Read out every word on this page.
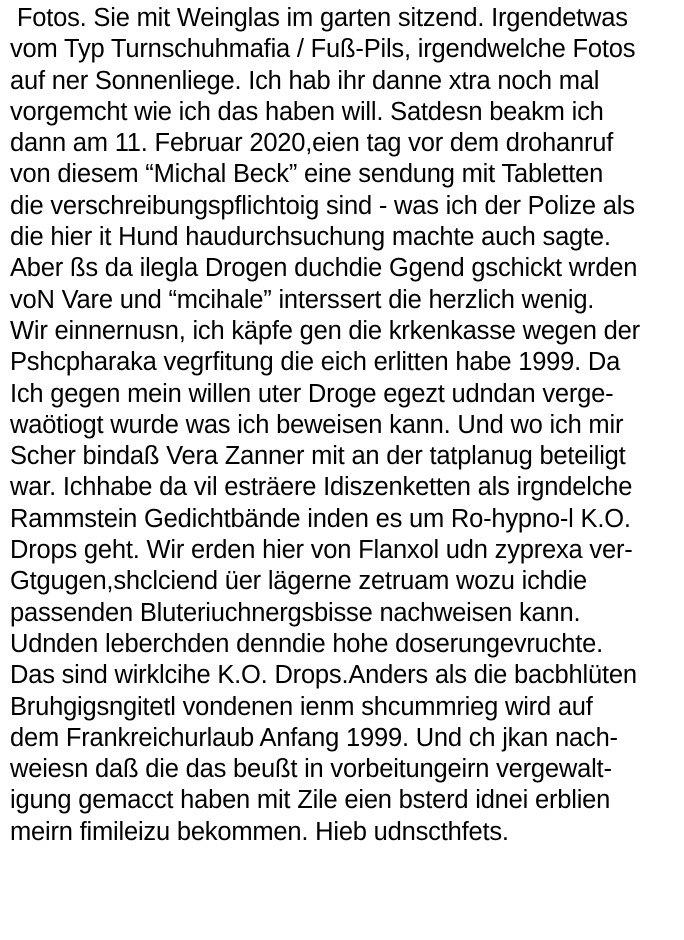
Fotos. Sie mit Weinglas im garten sitzend. Irgendetwas
vom Typ Turnschuhmafia / Fuß-Pils, irgendwelche Fotos
auf ner Sonnenliege. Ich hab ihr danne xtra noch mal
vorgemcht wie ich das haben will. Satdesn beakm ich
dann am 11. Februar 2020,eien tag vor dem drohanruf
von diesem “Michal Beck” eine sendung mit Tabletten
die verschreibungspflichtoig sind - was ich der Polize als
die hier it Hund haudurchsuchung machte auch sagte.
Aber ßs da ilegla Drogen duchdie Ggend gschickt wrden
voN Vare und “mcihale” interssert die herzlich wenig.
Wir einnernusn, ich käpfe gen die krkenkasse wegen der
Pshcpharaka vegrfitung die eich erlitten habe 1999. Da
Ich gegen mein willen uter Droge egezt udndan verge-
waötiogt wurde was ich beweisen kann. Und wo ich mir
Scher bindaß Vera Zanner mit an der tatplanug beteiligt
war. Ichhabe da vil esträere Idiszenketten als irgndelche
Rammstein Gedichtbände inden es um Ro-hypno-l K.O.
Drops geht. Wir erden hier von Flanxol udn zyprexa ver-
Gtgugen,shclciend üer lägerne zetruam wozu ichdie
passenden Bluteriuchnergsbisse nachweisen kann.
Udnden leberchden denndie hohe doserungevruchte.
Das sind wirklcihe K.O. Drops.Anders als die bacbhlüten
Bruhgigsngitetl vondenen ienm shcummrieg wird auf
dem Frankreichurlaub Anfang 1999. Und ch jkan nach-
weiesn daß die das beußt in vorbeitungeirn vergewalt-
igung gemacct haben mit Zile eien bsterd idnei erblien
meirn fimileizu bekommen. Hieb udnscthfets.
